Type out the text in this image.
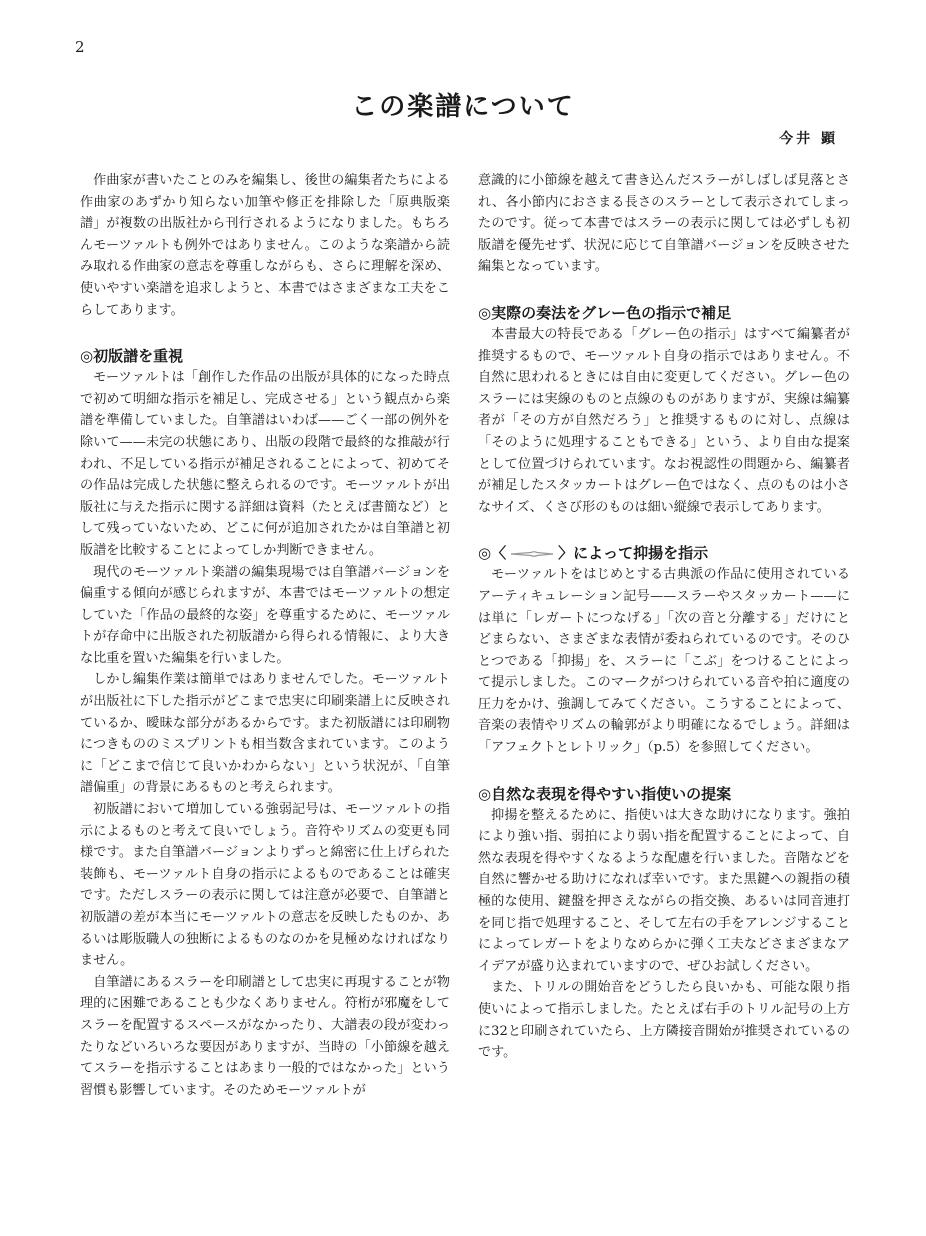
2
この楽譜について
今井 顕

作曲家が書いたことのみを編集し、後世の編集者たちによる作曲家のあずかり知らない加筆や修正を排除した「原典版楽譜」が複数の出版社から刊行されるようになりました。もちろんモーツァルトも例外ではありません。このような楽譜から読み取れる作曲家の意志を尊重しながらも、さらに理解を深め、使いやすい楽譜を追求しようと、本書ではさまざまな工夫をこらしてあります。

◎初版譜を重視

モーツァルトは「創作した作品の出版が具体的になった時点で初めて明細な指示を補足し、完成させる」という観点から楽譜を準備していました。自筆譜はいわば——ごく一部の例外を除いて——未完の状態にあり、出版の段階で最終的な推敲が行われ、不足している指示が補足されることによって、初めてその作品は完成した状態に整えられるのです。モーツァルトが出版社に与えた指示に関する詳細は資料（たとえば書簡など）として残っていないため、どこに何が追加されたかは自筆譜と初版譜を比較することによってしか判断できません。

現代のモーツァルト楽譜の編集現場では自筆譜バージョンを偏重する傾向が感じられますが、本書ではモーツァルトの想定していた「作品の最終的な姿」を尊重するために、モーツァルトが存命中に出版された初版譜から得られる情報に、より大きな比重を置いた編集を行いました。

しかし編集作業は簡単ではありませんでした。モーツァルトが出版社に下した指示がどこまで忠実に印刷楽譜上に反映されているか、曖昧な部分があるからです。また初版譜には印刷物につきもののミスプリントも相当数含まれています。このように「どこまで信じて良いかわからない」という状況が、「自筆譜偏重」の背景にあるものと考えられます。

初版譜において増加している強弱記号は、モーツァルトの指示によるものと考えて良いでしょう。音符やリズムの変更も同様です。また自筆譜バージョンよりずっと綿密に仕上げられた装飾も、モーツァルト自身の指示によるものであることは確実です。ただしスラーの表示に関しては注意が必要で、自筆譜と初版譜の差が本当にモーツァルトの意志を反映したものか、あるいは彫版職人の独断によるものなのかを見極めなければなりません。

自筆譜にあるスラーを印刷譜として忠実に再現することが物理的に困難であることも少なくありません。符桁が邪魔をしてスラーを配置するスペースがなかったり、大譜表の段が変わったりなどいろいろな要因がありますが、当時の「小節線を越えてスラーを指示することはあまり一般的ではなかった」という習慣も影響しています。そのためモーツァルトが

意識的に小節線を越えて書き込んだスラーがしばしば見落とされ、各小節内におさまる長さのスラーとして表示されてしまったのです。従って本書ではスラーの表示に関しては必ずしも初版譜を優先せず、状況に応じて自筆譜バージョンを反映させた編集となっています。

◎実際の奏法をグレー色の指示で補足

本書最大の特長である「グレー色の指示」はすべて編纂者が推奨するもので、モーツァルト自身の指示ではありません。不自然に思われるときには自由に変更してください。グレー色のスラーには実線のものと点線のものがありますが、実線は編纂者が「その方が自然だろう」と推奨するものに対し、点線は「そのように処理することもできる」という、より自由な提案として位置づけられています。なお視認性の問題から、編纂者が補足したスタッカートはグレー色ではなく、点のものは小さなサイズ、くさび形のものは細い縦線で表示してあります。

◎〈	〉によって抑揚を指示

モーツァルトをはじめとする古典派の作品に使用されているアーティキュレーション記号——スラーやスタッカート——には単に「レガートにつなげる」「次の音と分離する」だけにとどまらない、さまざまな表情が委ねられているのです。そのひとつである「抑揚」を、スラーに「こぶ」をつけることによって提示しました。このマークがつけられている音や拍に適度の圧力をかけ、強調してみてください。こうすることによって、音楽の表情やリズムの輪郭がより明確になるでしょう。詳細は「アフェクトとレトリック」（p.5）を参照してください。

◎自然な表現を得やすい指使いの提案

抑揚を整えるために、指使いは大きな助けになります。強拍により強い指、弱拍により弱い指を配置することによって、自然な表現を得やすくなるような配慮を行いました。音階などを自然に響かせる助けになれば幸いです。また黒鍵への親指の積極的な使用、鍵盤を押さえながらの指交換、あるいは同音連打を同じ指で処理すること、そして左右の手をアレンジすることによってレガートをよりなめらかに弾く工夫などさまざまなアイデアが盛り込まれていますので、ぜひお試しください。

また、トリルの開始音をどうしたら良いかも、可能な限り指使いによって指示しました。たとえば右手のトリル記号の上方に32と印刷されていたら、上方隣接音開始が推奨されているのです。
